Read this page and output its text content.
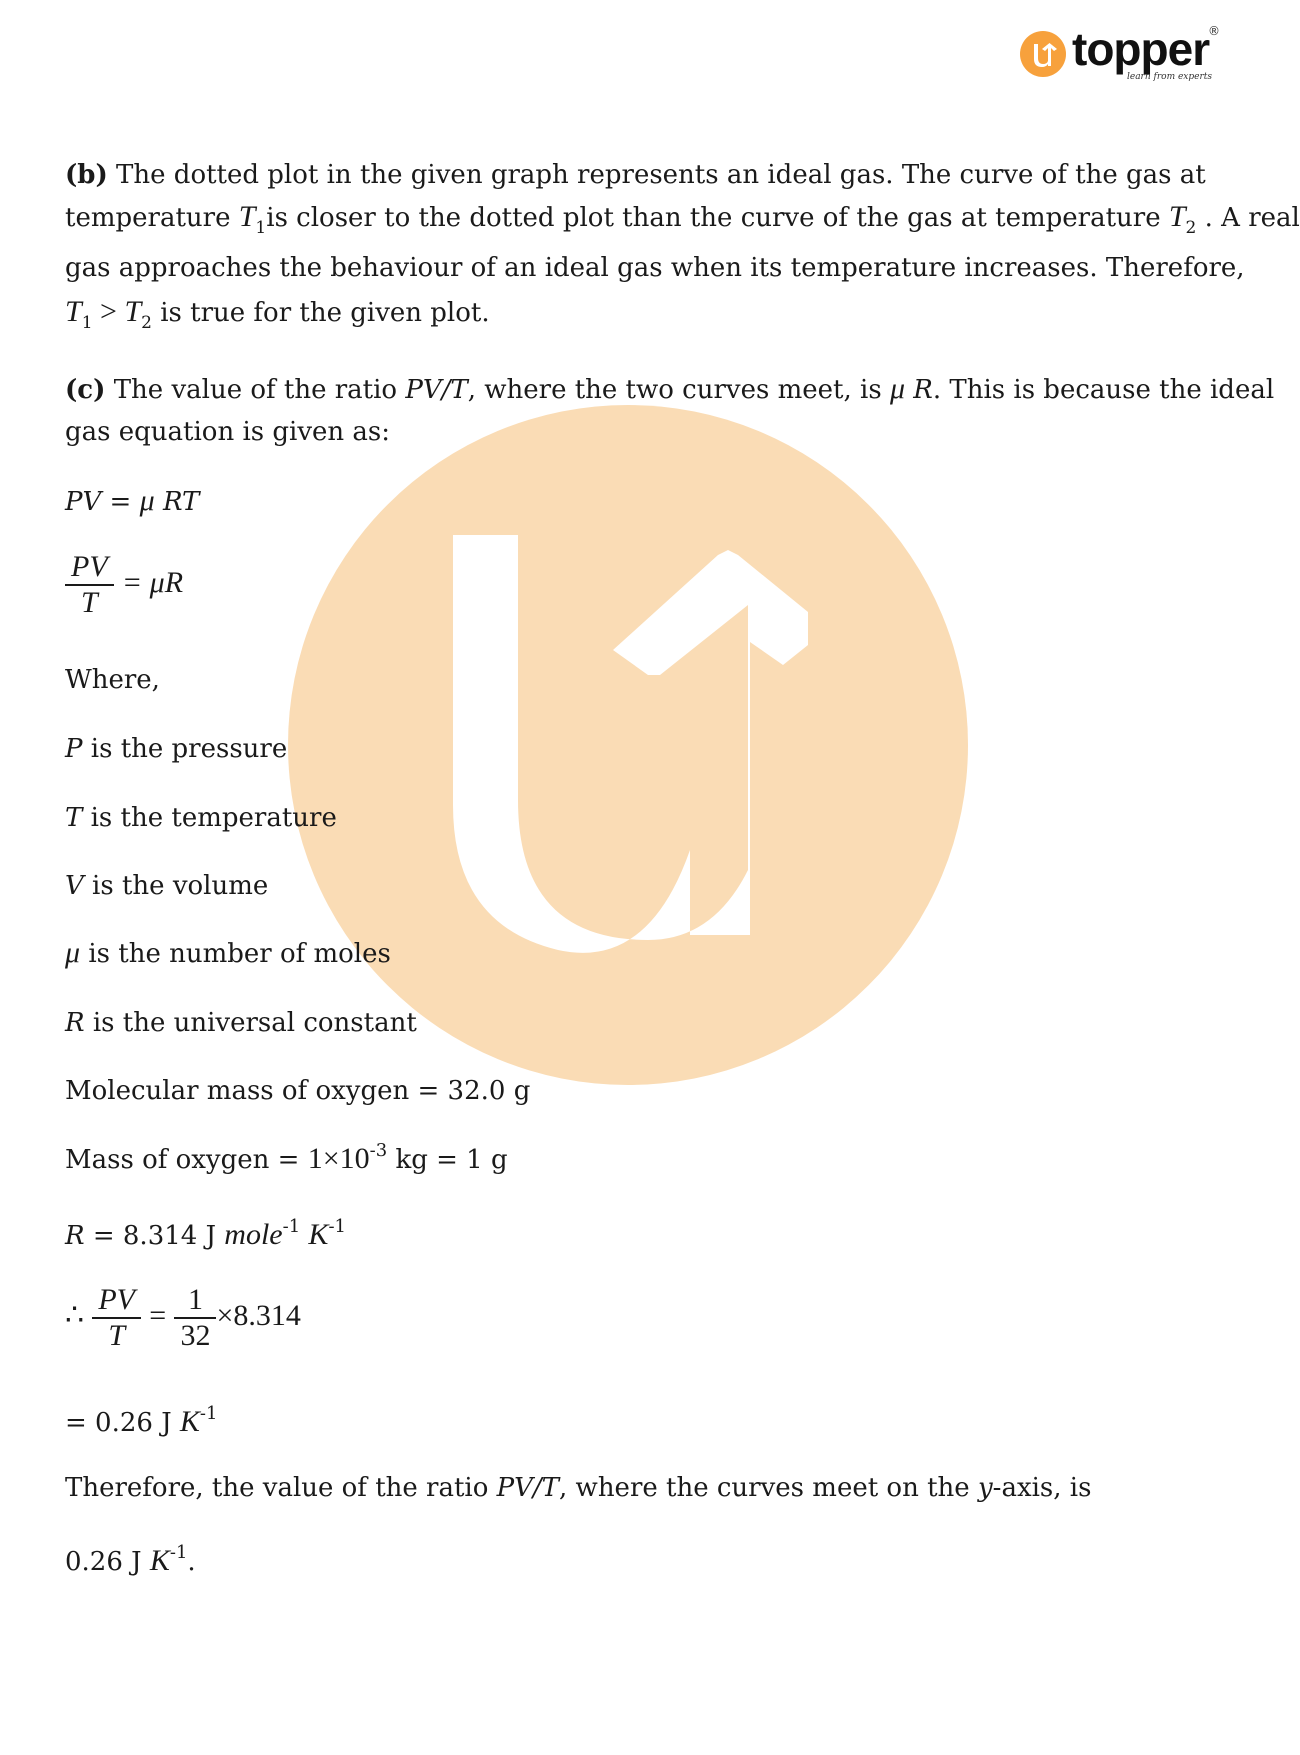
topper
®
learn from experts
(b) The dotted plot in the given graph represents an ideal gas. The curve of the gas at
temperature $T_1is$ closer to the dotted plot than the curve of the gas at temperature $T_2$ . A real
gas approaches the behaviour of an ideal gas when its temperature increases. Therefore,
$T_1 > T_2$ is true for the given plot.
(c) The value of the ratio PV/T, where the two curves meet, is μ R. This is because the ideal
gas equation is given as:
PV = μ RT
$\frac{PV}{T} = \mu R$
Where,
P is the pressure
T is the temperature
V is the volume
μ is the number of moles
R is the universal constant
Molecular mass of oxygen = 32.0 g
Mass of oxygen = $1\times 10^{-3}$ kg = 1 g
R = 8.314 J mole$^{-1}$ $K^{-1}$
∴ $\frac{PV}{T} = \frac{1}{32} \times 8.314$
= 0.26 J $K^{-1}$
Therefore, the value of the ratio PV/T, where the curves meet on the y-axis, is
0.26 J $K^{-1}$.
